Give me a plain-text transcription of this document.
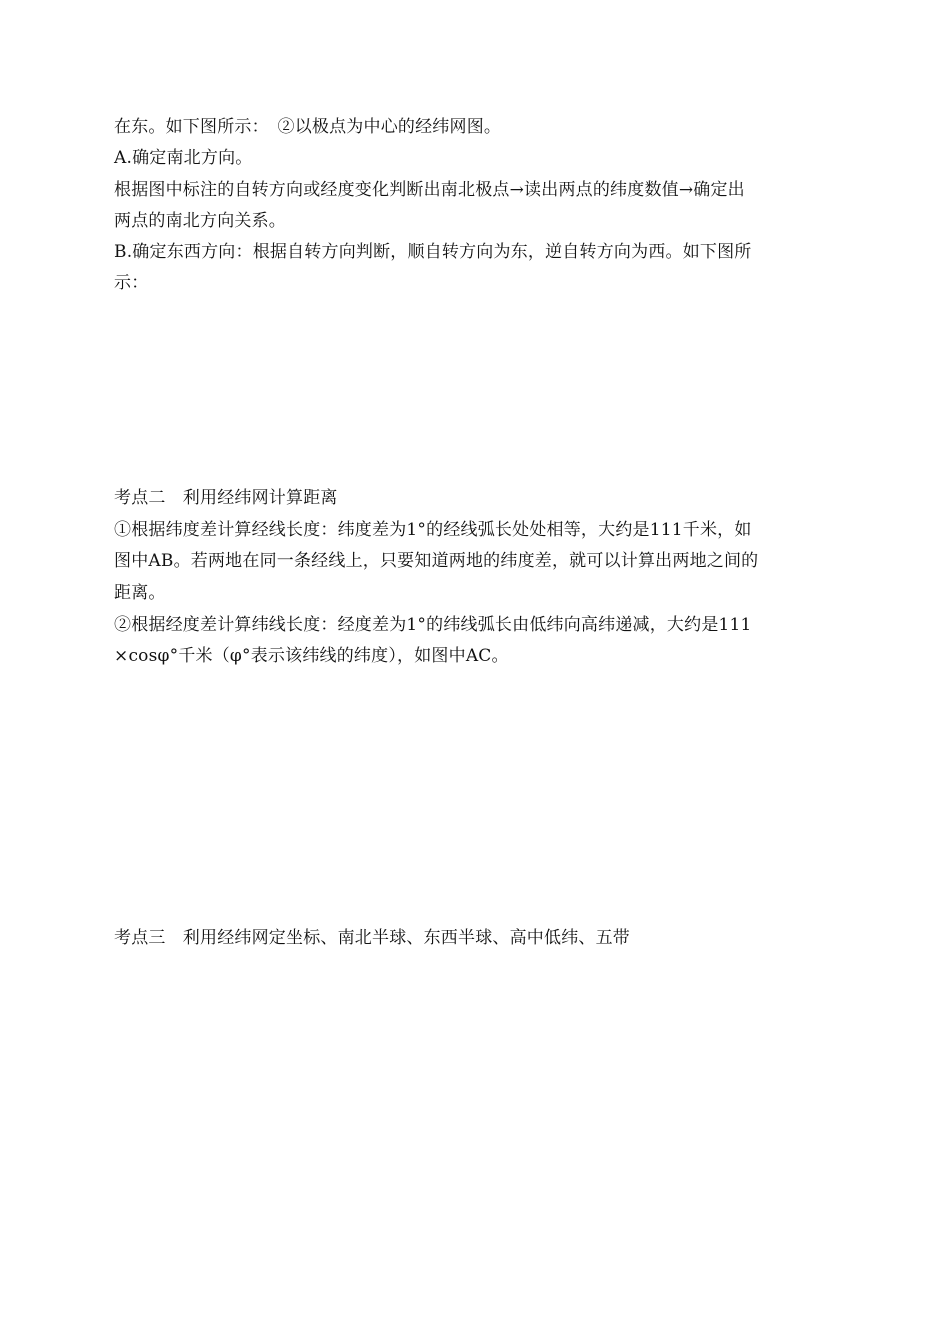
在东。如下图所示：　②以极点为中心的经纬网图。
A.确定南北方向。
根据图中标注的自转方向或经度变化判断出南北极点→读出两点的纬度数值→确定出
两点的南北方向关系。
B.确定东西方向：根据自转方向判断，顺自转方向为东，逆自转方向为西。如下图所
示：
考点二　利用经纬网计算距离
①根据纬度差计算经线长度：纬度差为1°的经线弧长处处相等，大约是111千米，如
图中AB。若两地在同一条经线上，只要知道两地的纬度差，就可以计算出两地之间的
距离。
②根据经度差计算纬线长度：经度差为1°的纬线弧长由低纬向高纬递减，大约是111
×cosφ°千米（φ°表示该纬线的纬度），如图中AC。
考点三　利用经纬网定坐标、南北半球、东西半球、高中低纬、五带
